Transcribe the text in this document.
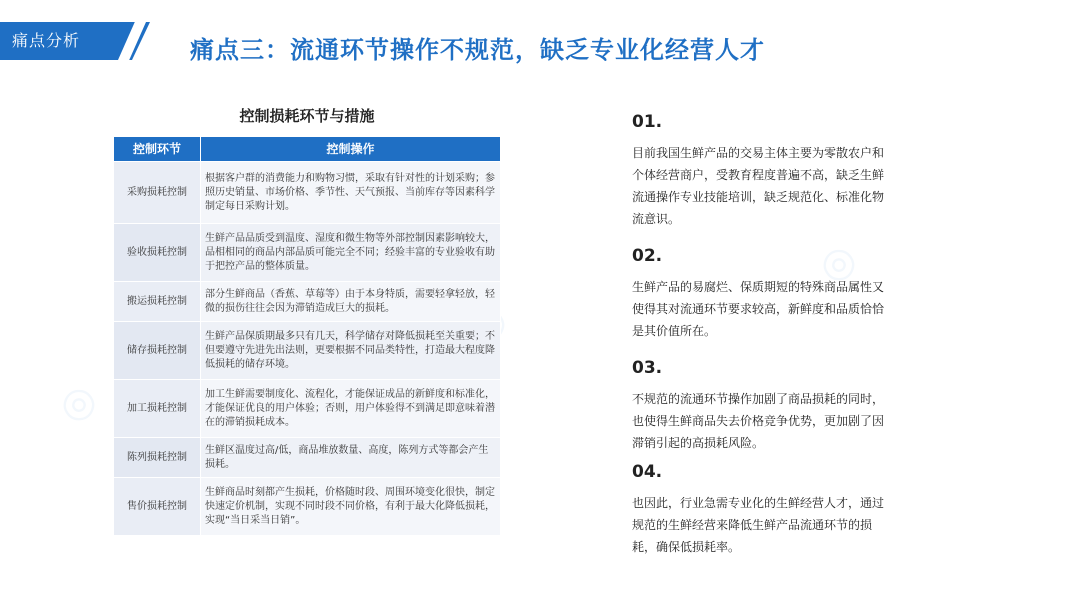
◎
◎
痛点分析	痛点三：流通环节操作不规范，缺乏专业化经营人才
控制损耗环节与措施
控制环节	控制操作
采购损耗控制	根据客户群的消费能力和购物习惯，采取有针对性的计划采购；参照历史销量、市场价格、季节性、天气预报、当前库存等因素科学制定每日采购计划。
验收损耗控制	生鲜产品品质受到温度、湿度和微生物等外部控制因素影响较大，品相相同的商品内部品质可能完全不同；经验丰富的专业验收有助于把控产品的整体质量。
搬运损耗控制	部分生鲜商品（香蕉、草莓等）由于本身特质，需要轻拿轻放，轻微的损伤往往会因为滞销造成巨大的损耗。
储存损耗控制	生鲜产品保质期最多只有几天，科学储存对降低损耗至关重要；不但要遵守先进先出法则，更要根据不同品类特性，打造最大程度降低损耗的储存环境。
加工损耗控制	加工生鲜需要制度化、流程化，才能保证成品的新鲜度和标准化，才能保证优良的用户体验；否则，用户体验得不到满足即意味着潜在的滞销损耗成本。
陈列损耗控制	生鲜区温度过高/低，商品堆放数量、高度，陈列方式等都会产生损耗。
售价损耗控制	生鲜商品时刻都产生损耗，价格随时段、周围环境变化很快，制定快速定价机制，实现不同时段不同价格，有利于最大化降低损耗，实现“当日采当日销”。
01.
目前我国生鲜产品的交易主体主要为零散农户和个体经营商户，受教育程度普遍不高，缺乏生鲜流通操作专业技能培训，缺乏规范化、标准化物流意识。
02.
生鲜产品的易腐烂、保质期短的特殊商品属性又使得其对流通环节要求较高，新鲜度和品质恰恰是其价值所在。
03.
不规范的流通环节操作加剧了商品损耗的同时，也使得生鲜商品失去价格竞争优势，更加剧了因滞销引起的高损耗风险。
04.
也因此，行业急需专业化的生鲜经营人才，通过规范的生鲜经营来降低生鲜产品流通环节的损耗，确保低损耗率。
